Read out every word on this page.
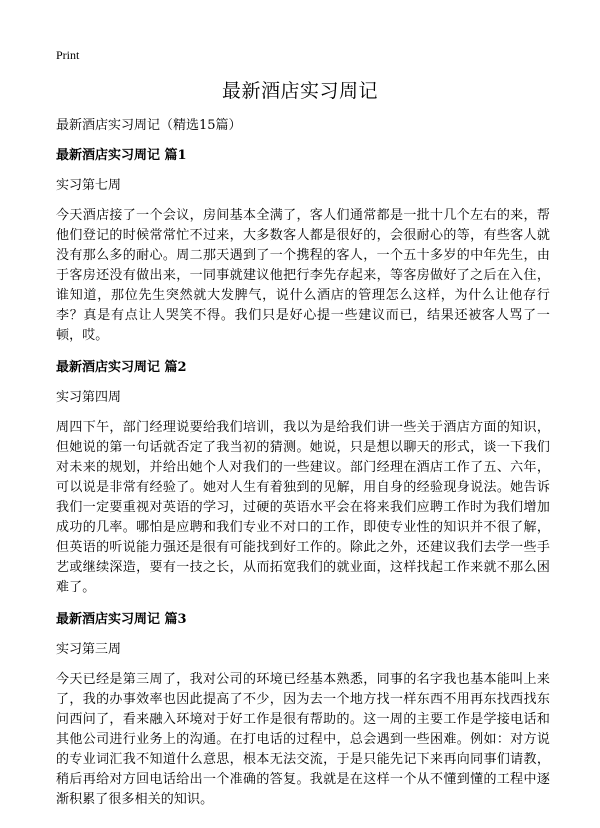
Print
最新酒店实习周记

最新酒店实习周记（精选15篇）

最新酒店实习周记 篇1

实习第七周

今天酒店接了一个会议，房间基本全满了，客人们通常都是一批十几个左右的来，帮他们登记的时候常常忙不过来，大多数客人都是很好的，会很耐心的等，有些客人就没有那么多的耐心。周二那天遇到了一个携程的客人，一个五十多岁的中年先生，由于客房还没有做出来，一同事就建议他把行李先存起来，等客房做好了之后在入住，谁知道，那位先生突然就大发脾气，说什么酒店的管理怎么这样，为什么让他存行李？真是有点让人哭笑不得。我们只是好心提一些建议而已，结果还被客人骂了一顿，哎。

最新酒店实习周记 篇2

实习第四周

周四下午，部门经理说要给我们培训，我以为是给我们讲一些关于酒店方面的知识，但她说的第一句话就否定了我当初的猜测。她说，只是想以聊天的形式，谈一下我们对未来的规划，并给出她个人对我们的一些建议。部门经理在酒店工作了五、六年，可以说是非常有经验了。她对人生有着独到的见解，用自身的经验现身说法。她告诉我们一定要重视对英语的学习，过硬的英语水平会在将来我们应聘工作时为我们增加成功的几率。哪怕是应聘和我们专业不对口的工作，即使专业性的知识并不很了解，但英语的听说能力强还是很有可能找到好工作的。除此之外，还建议我们去学一些手艺或继续深造，要有一技之长，从而拓宽我们的就业面，这样找起工作来就不那么困难了。

最新酒店实习周记 篇3

实习第三周

今天已经是第三周了，我对公司的环境已经基本熟悉，同事的名字我也基本能叫上来了，我的办事效率也因此提高了不少，因为去一个地方找一样东西不用再东找西找东问西问了，看来融入环境对于好工作是很有帮助的。这一周的主要工作是学接电话和其他公司进行业务上的沟通。在打电话的过程中，总会遇到一些困难。例如：对方说的专业词汇我不知道什么意思，根本无法交流，于是只能先记下来再向同事们请教，稍后再给对方回电话给出一个准确的答复。我就是在这样一个从不懂到懂的工程中逐渐积累了很多相关的知识。
